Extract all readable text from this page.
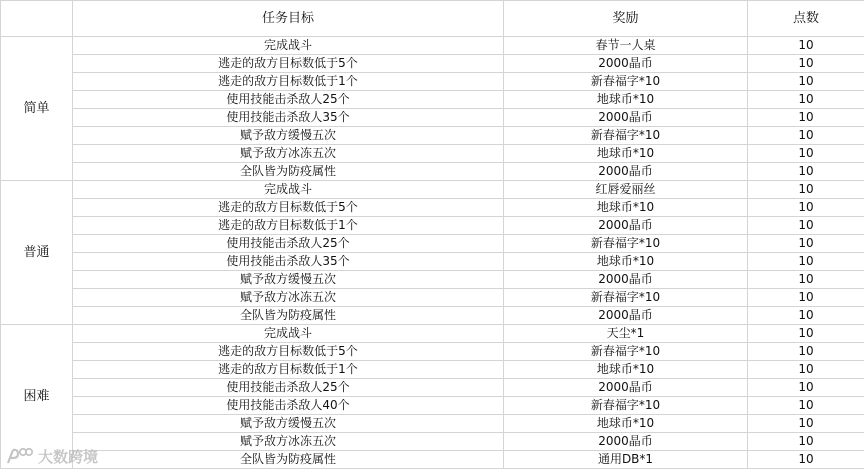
	任务目标	奖励	点数
简单	完成战斗	春节一人桌	10
	逃走的敌方目标数低于5个	2000晶币	10
	逃走的敌方目标数低于1个	新春福字*10	10
	使用技能击杀敌人25个	地球币*10	10
	使用技能击杀敌人35个	2000晶币	10
	赋予敌方缓慢五次	新春福字*10	10
	赋予敌方冰冻五次	地球币*10	10
	全队皆为防疫属性	2000晶币	10
普通	完成战斗	红唇爱丽丝	10
	逃走的敌方目标数低于5个	地球币*10	10
	逃走的敌方目标数低于1个	2000晶币	10
	使用技能击杀敌人25个	新春福字*10	10
	使用技能击杀敌人35个	地球币*10	10
	赋予敌方缓慢五次	2000晶币	10
	赋予敌方冰冻五次	新春福字*10	10
	全队皆为防疫属性	2000晶币	10
困难	完成战斗	天尘*1	10
	逃走的敌方目标数低于5个	新春福字*10	10
	逃走的敌方目标数低于1个	地球币*10	10
	使用技能击杀敌人25个	2000晶币	10
	使用技能击杀敌人40个	新春福字*10	10
	赋予敌方缓慢五次	地球币*10	10
	赋予敌方冰冻五次	2000晶币	10
	全队皆为防疫属性	通用DB*1	10
大数跨境
